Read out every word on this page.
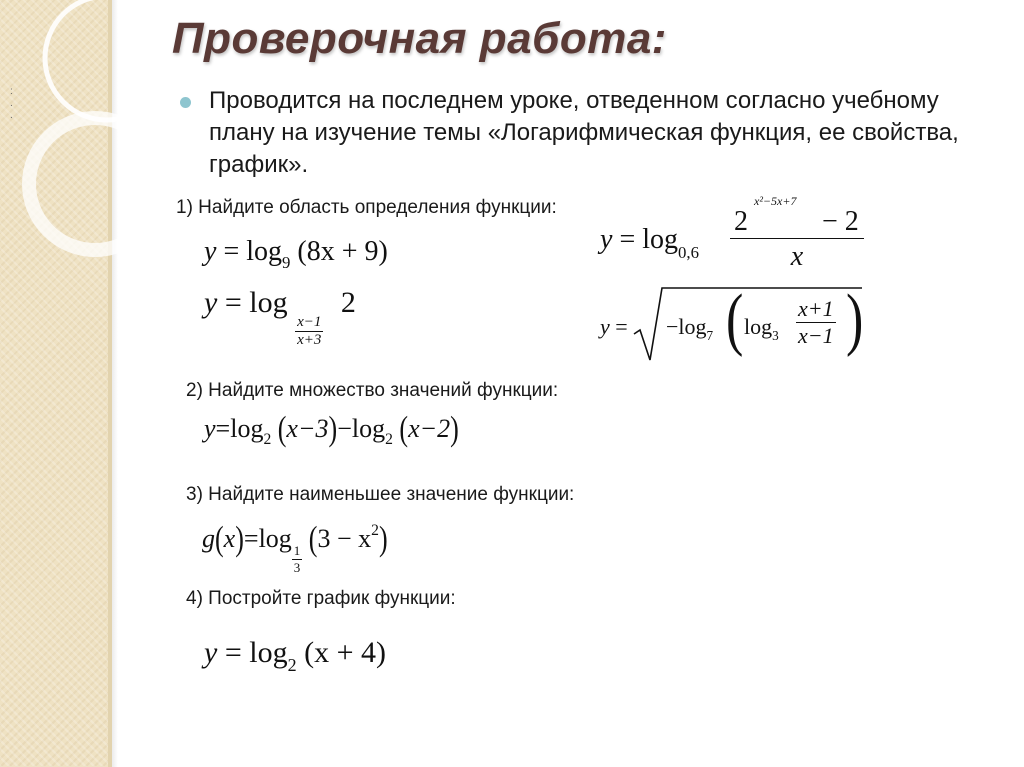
:
.
.
Проверочная работа:

Проводится на последнем уроке, отведенном согласно учебному плану на изучение темы «Логарифмическая функция, ее свойства, график».

1) Найдите область определения функции:
2) Найдите множество значений функции:
3) Найдите наименьшее значение функции:
4) Постройте график функции:
$y = \log_9 (8x + 9)$
y = log
$\frac{x-1}{x+3}$
2
$y = \log_{0,6}$
2
x²−5x+7
− 2
x
$y = -\log_7$ ( $\log_3 \frac{x+1}{x-1}$ )
$y=\log_2$ $(x-3)-\log_2$ (x−2)
g(x)=log
$\frac{1}{3}$
$(3 - x^2)$
$y = \log_2 (x + 4)$
